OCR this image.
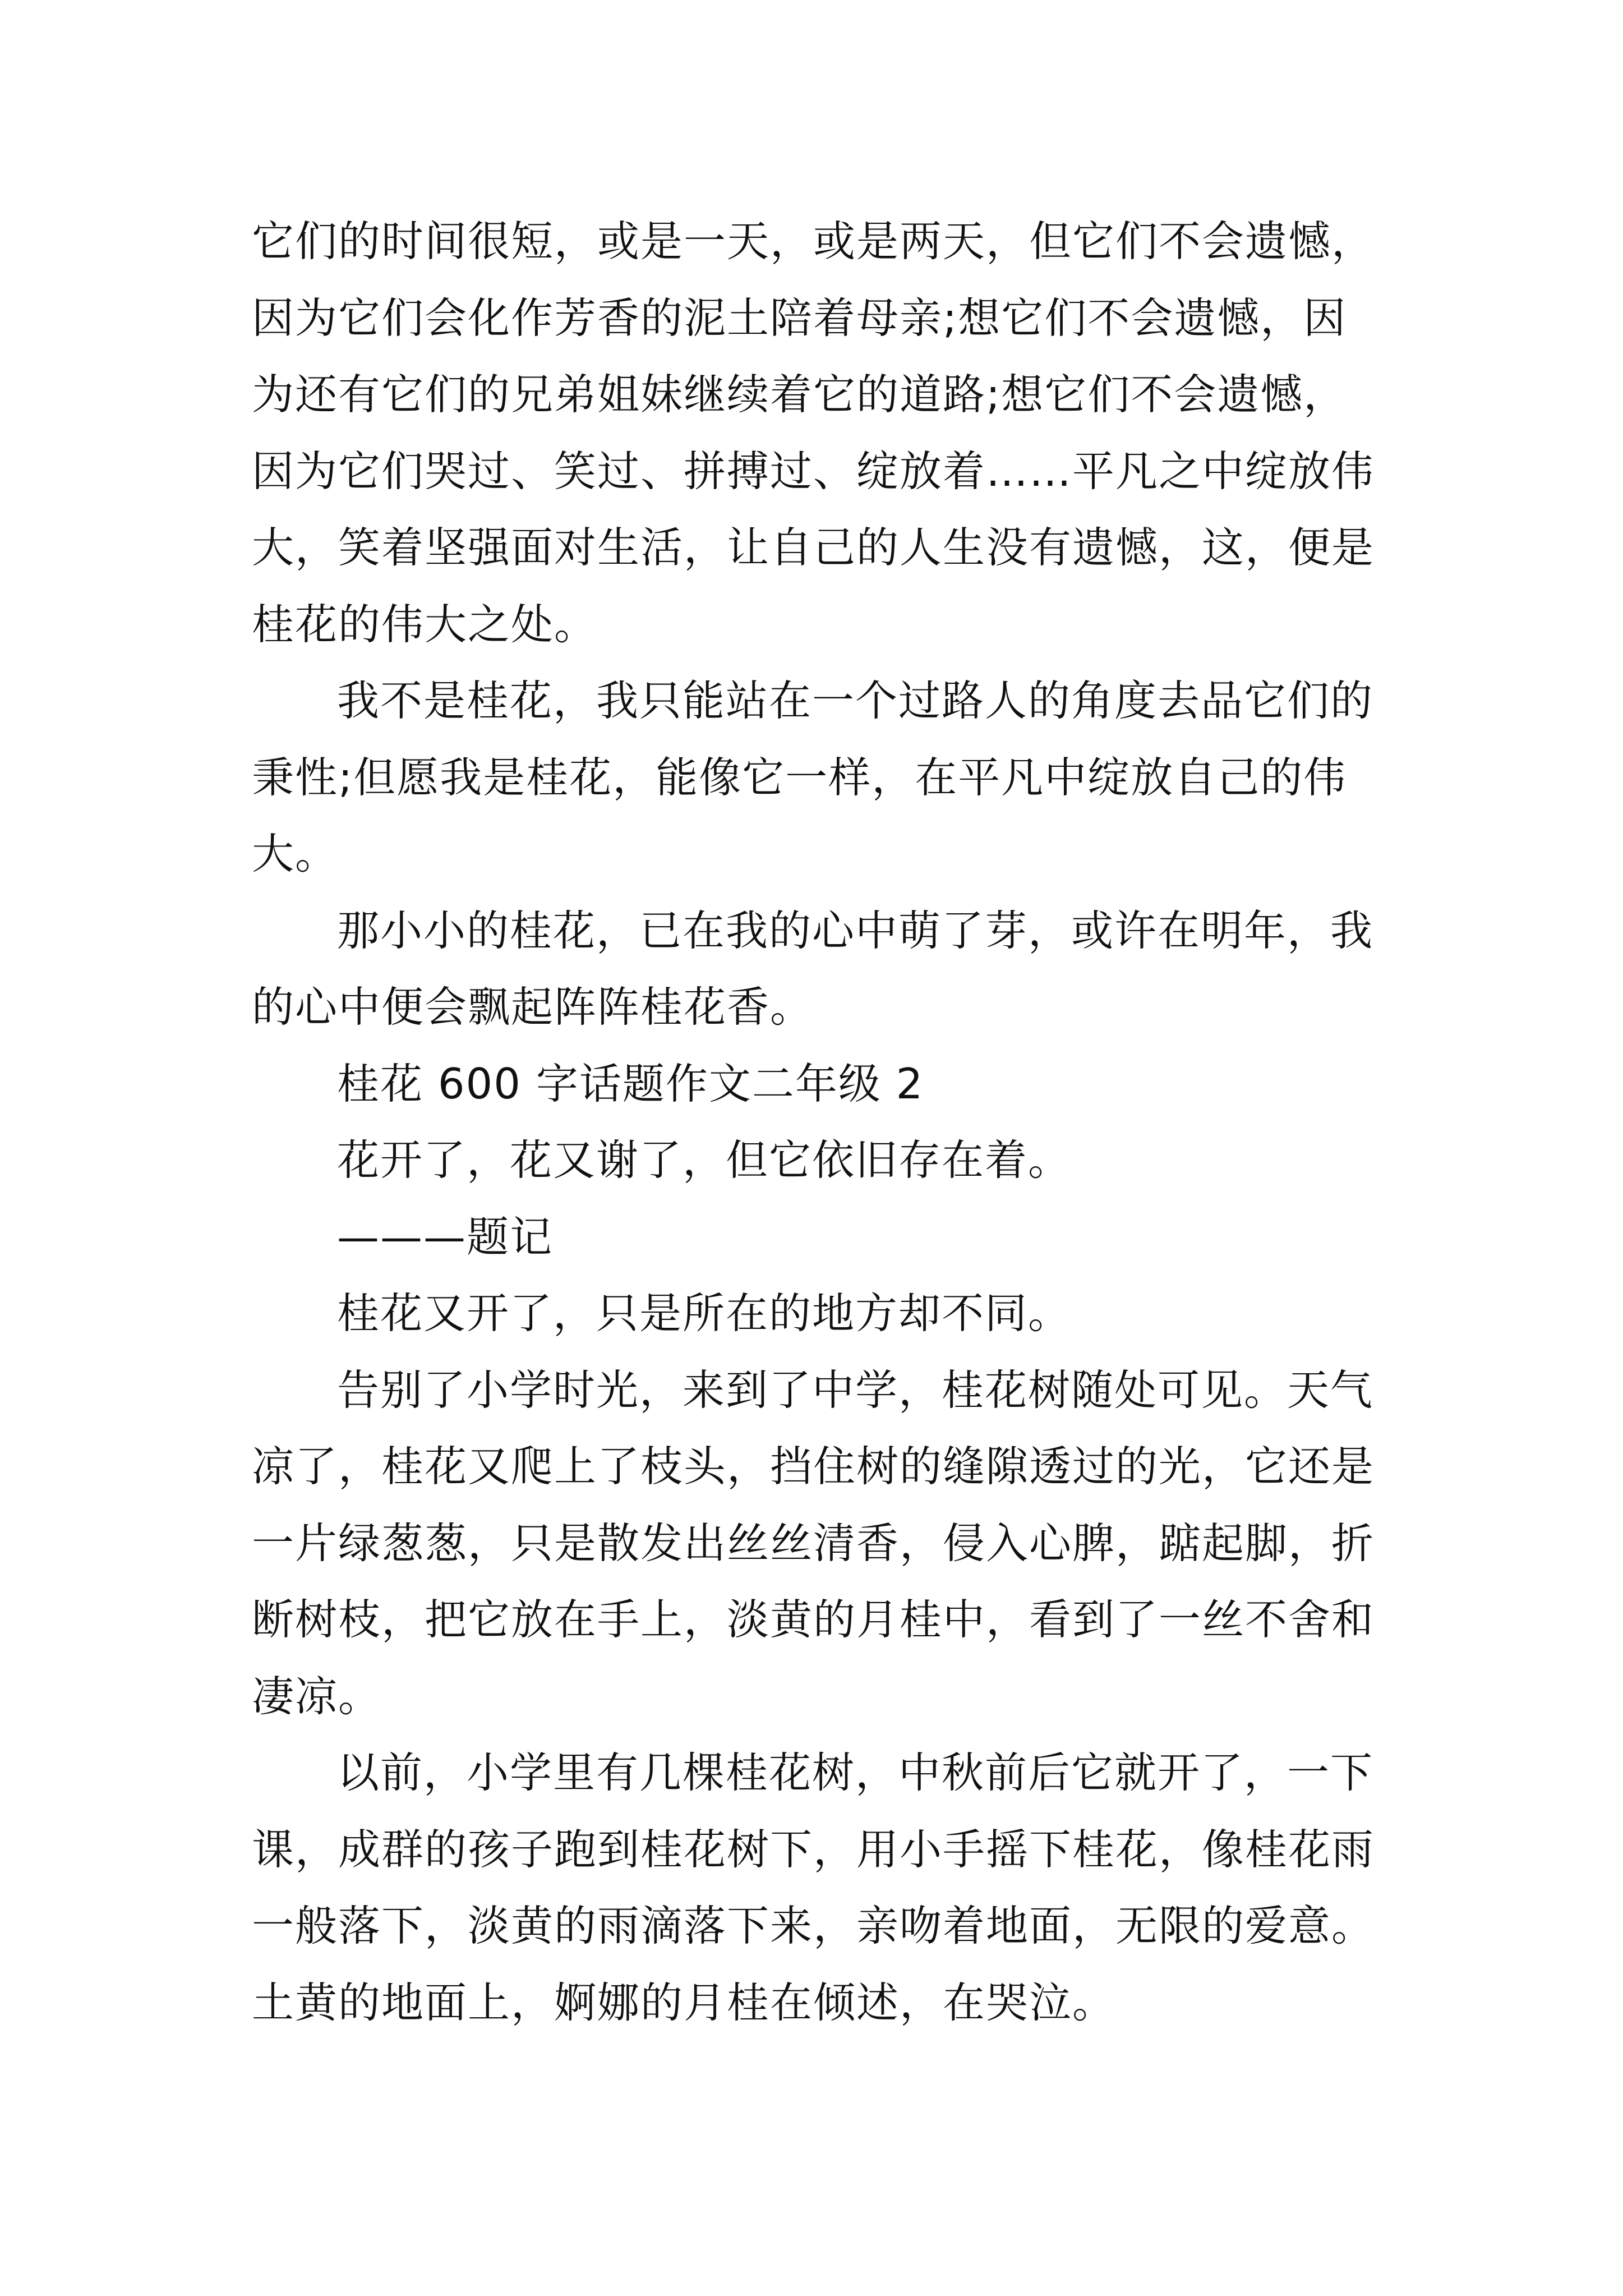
它们的时间很短，或是一天，或是两天，但它们不会遗憾，
因为它们会化作芳香的泥土陪着母亲;想它们不会遗憾，因
为还有它们的兄弟姐妹继续着它的道路;想它们不会遗憾，
因为它们哭过、笑过、拼搏过、绽放着……平凡之中绽放伟
大，笑着坚强面对生活，让自己的人生没有遗憾，这，便是
桂花的伟大之处。
我不是桂花，我只能站在一个过路人的角度去品它们的
秉性;但愿我是桂花，能像它一样，在平凡中绽放自己的伟
大。
那小小的桂花，已在我的心中萌了芽，或许在明年，我
的心中便会飘起阵阵桂花香。
桂花 600 字话题作文二年级 2
花开了，花又谢了，但它依旧存在着。
———题记
桂花又开了，只是所在的地方却不同。
告别了小学时光，来到了中学，桂花树随处可见。天气
凉了，桂花又爬上了枝头，挡住树的缝隙透过的光，它还是
一片绿葱葱，只是散发出丝丝清香，侵入心脾，踮起脚，折
断树枝，把它放在手上，淡黄的月桂中，看到了一丝不舍和
凄凉。
以前，小学里有几棵桂花树，中秋前后它就开了，一下
课，成群的孩子跑到桂花树下，用小手摇下桂花，像桂花雨
一般落下，淡黄的雨滴落下来，亲吻着地面，无限的爱意。
土黄的地面上，婀娜的月桂在倾述，在哭泣。
